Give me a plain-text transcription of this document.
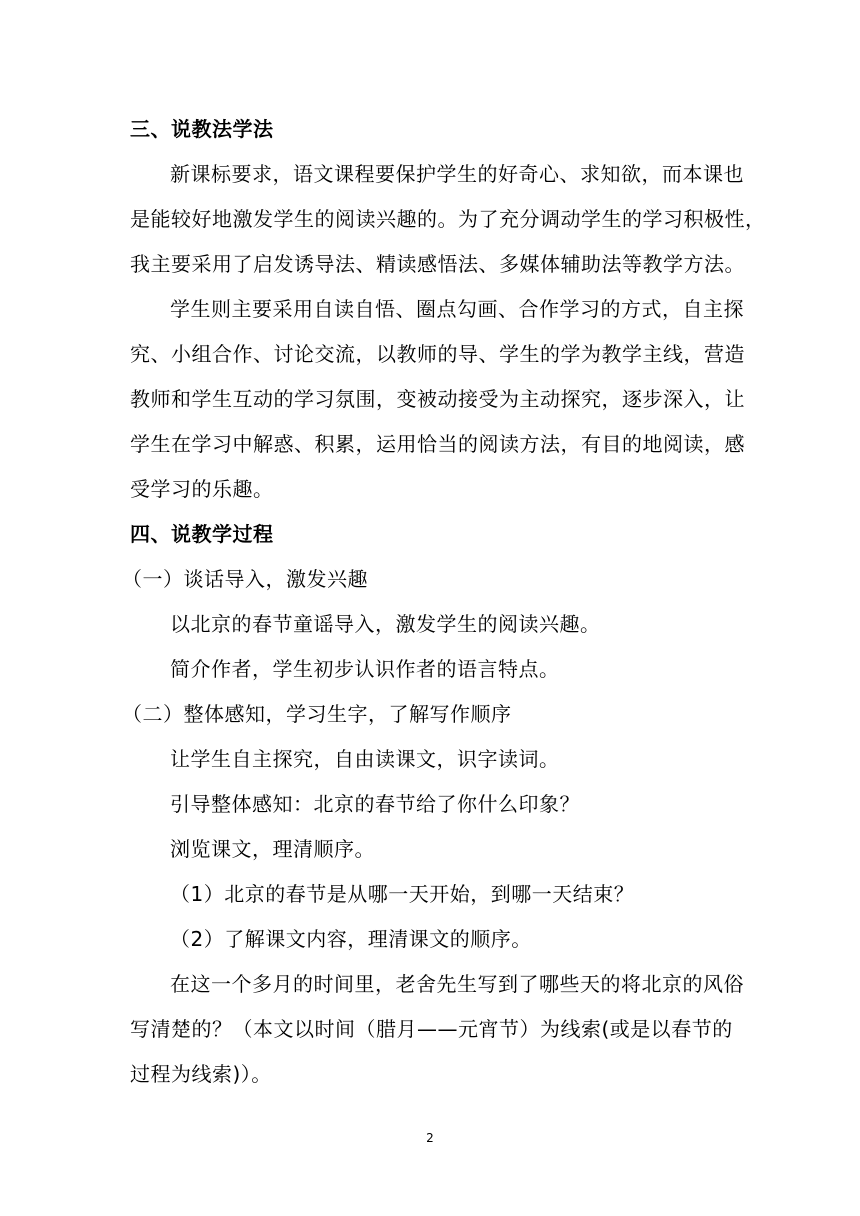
三、说教法学法

新课标要求，语文课程要保护学生的好奇心、求知欲，而本课也

是能较好地激发学生的阅读兴趣的。为了充分调动学生的学习积极性，

我主要采用了启发诱导法、精读感悟法、多媒体辅助法等教学方法。

学生则主要采用自读自悟、圈点勾画、合作学习的方式，自主探

究、小组合作、讨论交流，以教师的导、学生的学为教学主线，营造

教师和学生互动的学习氛围，变被动接受为主动探究，逐步深入，让

学生在学习中解惑、积累，运用恰当的阅读方法，有目的地阅读，感

受学习的乐趣。

四、说教学过程

（一）谈话导入，激发兴趣

以北京的春节童谣导入，激发学生的阅读兴趣。

简介作者，学生初步认识作者的语言特点。

（二）整体感知，学习生字，了解写作顺序

让学生自主探究，自由读课文，识字读词。

引导整体感知：北京的春节给了你什么印象？

浏览课文，理清顺序。

（1）北京的春节是从哪一天开始，到哪一天结束？

（2）了解课文内容，理清课文的顺序。

在这一个多月的时间里，老舍先生写到了哪些天的将北京的风俗

写清楚的？（本文以时间（腊月——元宵节）为线索(或是以春节的

过程为线索)）。

2
